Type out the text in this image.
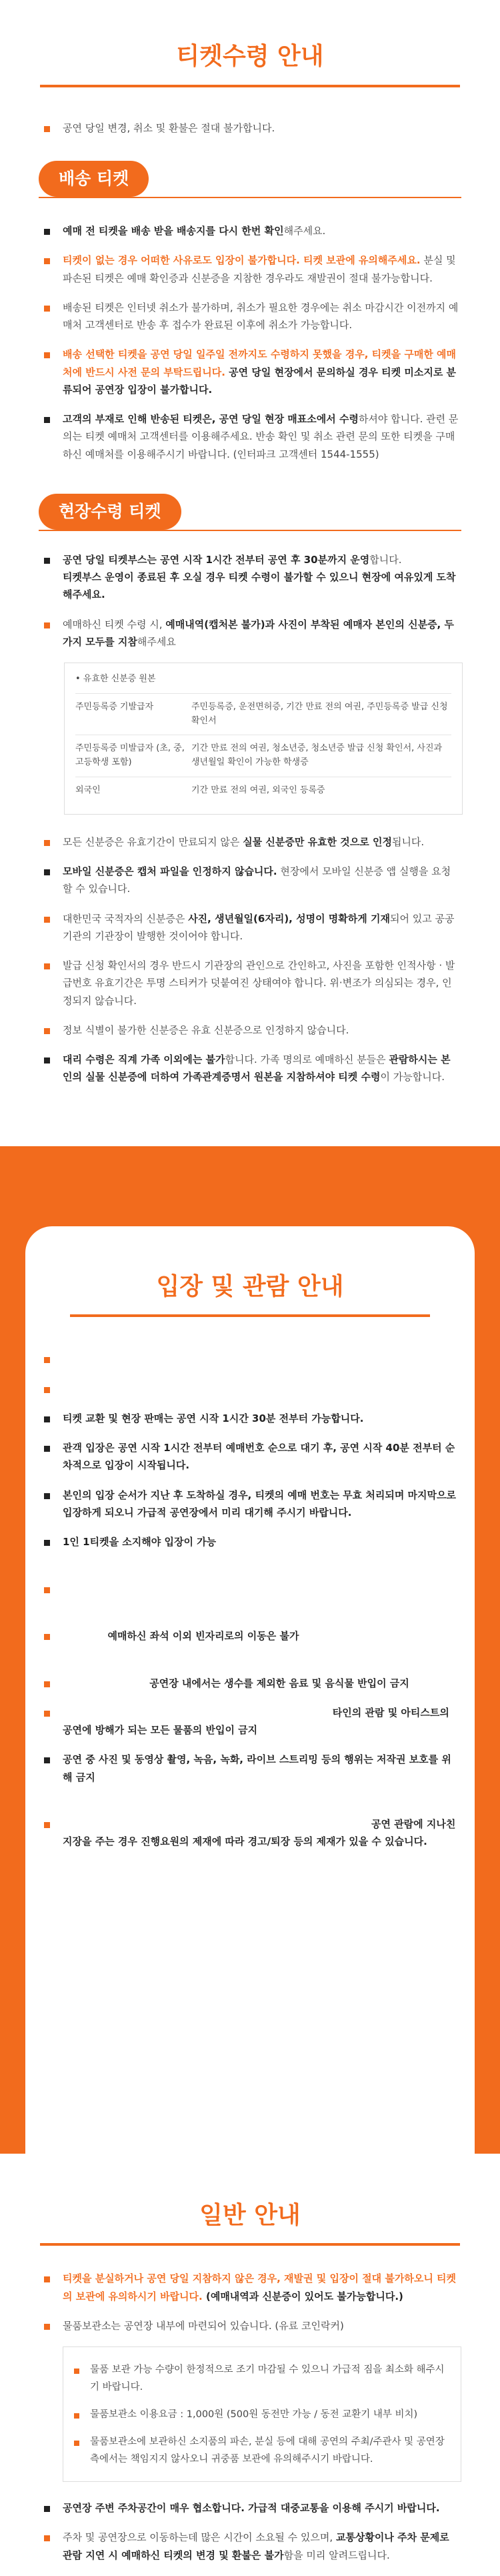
티켓수령 안내
공연 당일 변경, 취소 및 환불은 절대 불가합니다.
배송 티켓
예매 전 티켓을 배송 받을 배송지를 다시 한번 확인해주세요.
티켓이 없는 경우 어떠한 사유로도 입장이 불가합니다. 티켓 보관에 유의해주세요. 분실 및 파손된 티켓은 예매 확인증과 신분증을 지참한 경우라도 재발권이 절대 불가능합니다.
배송된 티켓은 인터넷 취소가 불가하며, 취소가 필요한 경우에는 취소 마감시간 이전까지 예매처 고객센터로 반송 후 접수가 완료된 이후에 취소가 가능합니다.
배송 선택한 티켓을 공연 당일 일주일 전까지도 수령하지 못했을 경우, 티켓을 구매한 예매처에 반드시 사전 문의 부탁드립니다. 공연 당일 현장에서 문의하실 경우 티켓 미소지로 분류되어 공연장 입장이 불가합니다.
고객의 부재로 인해 반송된 티켓은, 공연 당일 현장 매표소에서 수령하셔야 합니다. 관련 문의는 티켓 예매처 고객센터를 이용해주세요. 반송 확인 및 취소 관련 문의 또한 티켓을 구매하신 예매처를 이용해주시기 바랍니다. (인터파크 고객센터 1544-1555)
현장수령 티켓
공연 당일 티켓부스는 공연 시작 1시간 전부터 공연 후 30분까지 운영합니다.
티켓부스 운영이 종료된 후 오실 경우 티켓 수령이 불가할 수 있으니 현장에 여유있게 도착해주세요.
예매하신 티켓 수령 시, 예매내역(캡처본 불가)과 사진이 부착된 예매자 본인의 신분증, 두 가지 모두를 지참해주세요
• 유효한 신분증 원본
주민등록증 기발급자	주민등록증, 운전면허증, 기간 만료 전의 여권, 주민등록증 발급 신청 확인서
주민등록증 미발급자 (초, 중, 고등학생 포함)
기간 만료 전의 여권, 청소년증, 청소년증 발급 신청 확인서, 사진과 생년월일 확인이 가능한 학생증
외국인	기간 만료 전의 여권, 외국인 등록증
모든 신분증은 유효기간이 만료되지 않은 실물 신분증만 유효한 것으로 인정됩니다.
모바일 신분증은 캡처 파일을 인정하지 않습니다. 현장에서 모바일 신분증 앱 실행을 요청할 수 있습니다.
대한민국 국적자의 신분증은 사진, 생년월일(6자리), 성명이 명확하게 기재되어 있고 공공기관의 기관장이 발행한 것이어야 합니다.
발급 신청 확인서의 경우 반드시 기관장의 관인으로 간인하고, 사진을 포함한 인적사항 · 발급번호 유효기간은 투명 스티커가 덧붙여진 상태여야 합니다. 위·변조가 의심되는 경우, 인정되지 않습니다.
정보 식별이 불가한 신분증은 유효 신분증으로 인정하지 않습니다.
대리 수령은 직계 가족 이외에는 불가합니다. 가족 명의로 예매하신 분들은 관람하시는 본인의 실물 신분증에 더하여 가족관계증명서 원본을 지참하셔야 티켓 수령이 가능합니다.
입장 및 관람 안내
공연시간 90분
본 공연은 8세 이상 관람이 가능합니다.
티켓 교환 및 현장 판매는 공연 시작 1시간 30분 전부터 가능합니다.
관객 입장은 공연 시작 1시간 전부터 예매번호 순으로 대기 후, 공연 시작 40분 전부터 순차적으로 입장이 시작됩니다. (단, 공연장 상황에 따라 변경될 수 있습니다)
본인의 입장 순서가 지난 후 도착하실 경우, 티켓의 예매 번호는 무효 처리되며 마지막으로 입장하게 되오니 가급적 공연장에서 미리 대기해 주시기 바랍니다.
1인 1티켓을 소지해야 입장이 가능하며 티켓을 소지하지 않은 관객은 어떠한 사유로도 입장이 불가합니다.
다른 관객의 공연 관람에 방해가 되지 않도록 공연 중 이동 및 퇴장은 삼가해주시기 바랍니다.
본 공연은 예매하신 좌석 이외 빈자리로의 이동은 불가하며, 예매하신 좌석에서만 관람할 수 있습니다.
쾌적한 환경을 위해 공연장 내에서는 생수를 제외한 음료 및 음식물 반입이 금지됩니다.
애완동물, 꽃다발, 풍선, 폭죽, 화약, 레이저 등의 위험 물품 등 타인의 관람 및 아티스트의 공연에 방해가 되는 모든 물품의 반입이 금지됩니다.
공연 중 사진 및 동영상 촬영, 녹음, 녹화, 라이브 스트리밍 등의 행위는 저작권 보호를 위해 금지되어 있습니다. 반복된 적발시에는 강제 퇴장 등 강력한 제재 및 조치가 있을 수 있습니다.
이 외에도 공연 관람 및 진행에 방해가 되는 행동은 삼가주시기 바라며, 공연 관람에 지나친 지장을 주는 경우 진행요원의 제재에 따라 경고/퇴장 등의 제재가 있을 수 있습니다.
일반 안내
티켓을 분실하거나 공연 당일 지참하지 않은 경우, 재발권 및 입장이 절대 불가하오니 티켓의 보관에 유의하시기 바랍니다. (예매내역과 신분증이 있어도 불가능합니다.)
물품보관소는 공연장 내부에 마련되어 있습니다. (유료 코인락커)
물품 보관 가능 수량이 한정적으로 조기 마감될 수 있으니 가급적 짐을 최소화 해주시기 바랍니다.
물품보관소 이용요금 : 1,000원 (500원 동전만 가능 / 동전 교환기 내부 비치)
물품보관소에 보관하신 소지품의 파손, 분실 등에 대해 공연의 주최/주관사 및 공연장 측에서는 책임지지 않사오니 귀중품 보관에 유의해주시기 바랍니다.
공연장 주변 주차공간이 매우 협소합니다. 가급적 대중교통을 이용해 주시기 바랍니다.
주차 및 공연장으로 이동하는데 많은 시간이 소요될 수 있으며, 교통상황이나 주차 문제로 관람 지연 시 예매하신 티켓의 변경 및 환불은 불가함을 미리 알려드립니다.
